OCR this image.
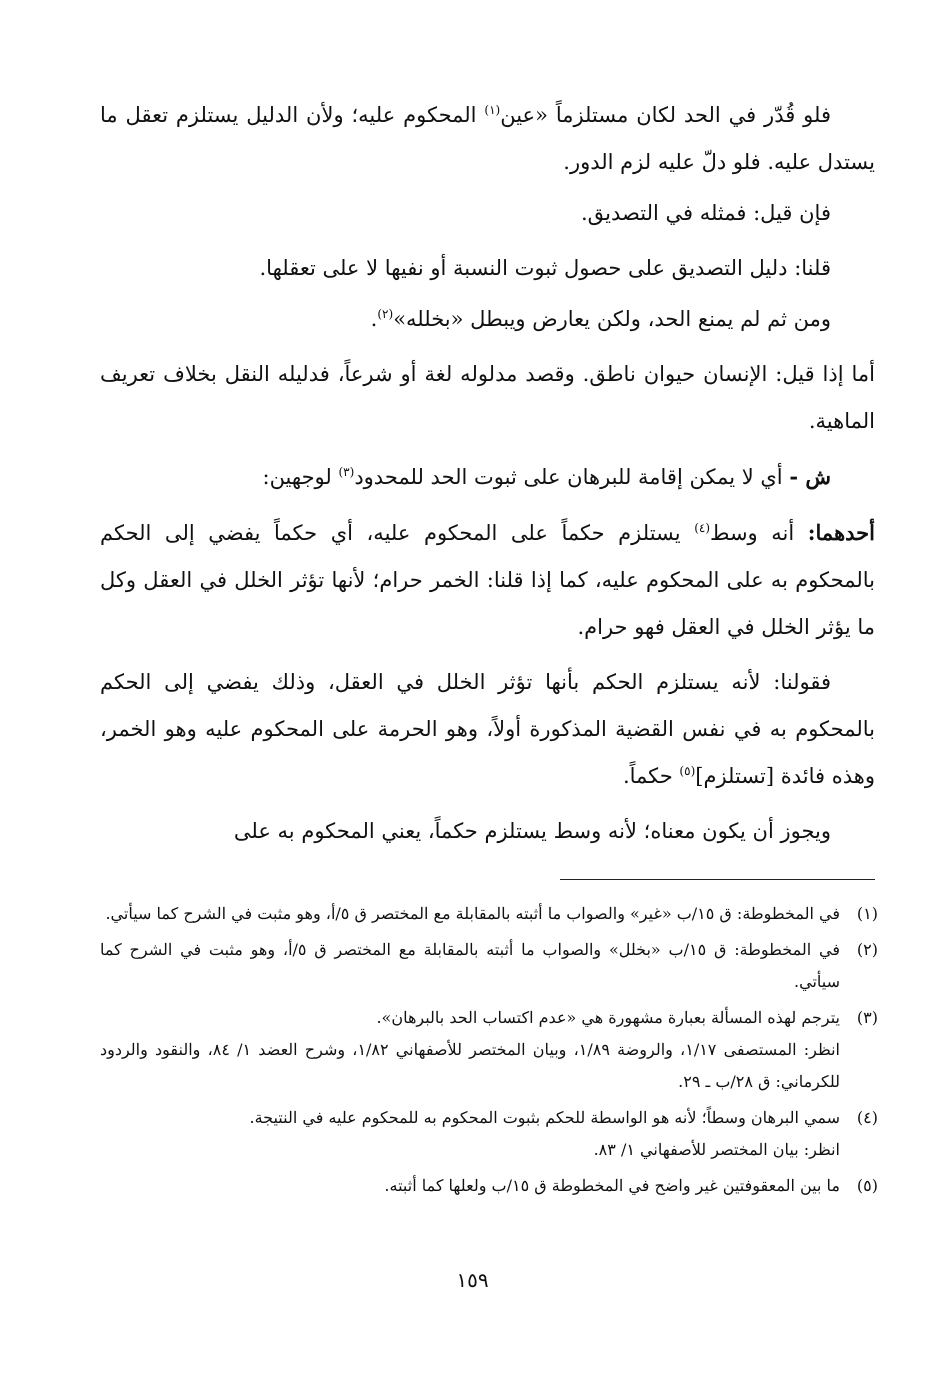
فلو قُدّر في الحد لكان مستلزماً «عين$^{(١)}$ المحكوم عليه؛ ولأن الدليل يستلزم تعقل ما يستدل عليه. فلو دلّ عليه لزم الدور.

فإن قيل: فمثله في التصديق.

قلنا: دليل التصديق على حصول ثبوت النسبة أو نفيها لا على تعقلها.

ومن ثم لم يمنع الحد، ولكن يعارض ويبطل «بخلله»$^{(٢)}$.

أما إذا قيل: الإنسان حيوان ناطق. وقصد مدلوله لغة أو شرعاً، فدليله النقل بخلاف تعريف الماهية.

ش - أي لا يمكن إقامة للبرهان على ثبوت الحد للمحدود$^{(٣)}$ لوجهين:

أحدهما: أنه وسط$^{(٤)}$ يستلزم حكماً على المحكوم عليه، أي حكماً يفضي إلى الحكم بالمحكوم به على المحكوم عليه، كما إذا قلنا: الخمر حرام؛ لأنها تؤثر الخلل في العقل وكل ما يؤثر الخلل في العقل فهو حرام.

فقولنا: لأنه يستلزم الحكم بأنها تؤثر الخلل في العقل، وذلك يفضي إلى الحكم بالمحكوم به في نفس القضية المذكورة أولاً، وهو الحرمة على المحكوم عليه وهو الخمر، وهذه فائدة [تستلزم]$^{(٥)}$ حكماً.

ويجوز أن يكون معناه؛ لأنه وسط يستلزم حكماً، يعني المحكوم به على

(١)

في المخطوطة: ق ١٥/ب «غير» والصواب ما أثبته بالمقابلة مع المختصر ق ٥/أ، وهو مثبت في الشرح كما سيأتي.

(٢)

في المخطوطة: ق ١٥/ب «بخلل» والصواب ما أثبته بالمقابلة مع المختصر ق ٥/أ، وهو مثبت في الشرح كما سيأتي.

(٣)

يترجم لهذه المسألة بعبارة مشهورة هي «عدم اكتساب الحد بالبرهان».

انظر: المستصفى ١/١٧، والروضة ١/٨٩، وبيان المختصر للأصفهاني ١/٨٢، وشرح العضد ١/ ٨٤، والنقود والردود للكرماني: ق ٢٨/ب ـ ٢٩.

(٤)

سمي البرهان وسطاً؛ لأنه هو الواسطة للحكم بثبوت المحكوم به للمحكوم عليه في النتيجة.

انظر: بيان المختصر للأصفهاني ١/ ٨٣.

(٥)

ما بين المعقوفتين غير واضح في المخطوطة ق ١٥/ب ولعلها كما أثبته.

١٥٩
